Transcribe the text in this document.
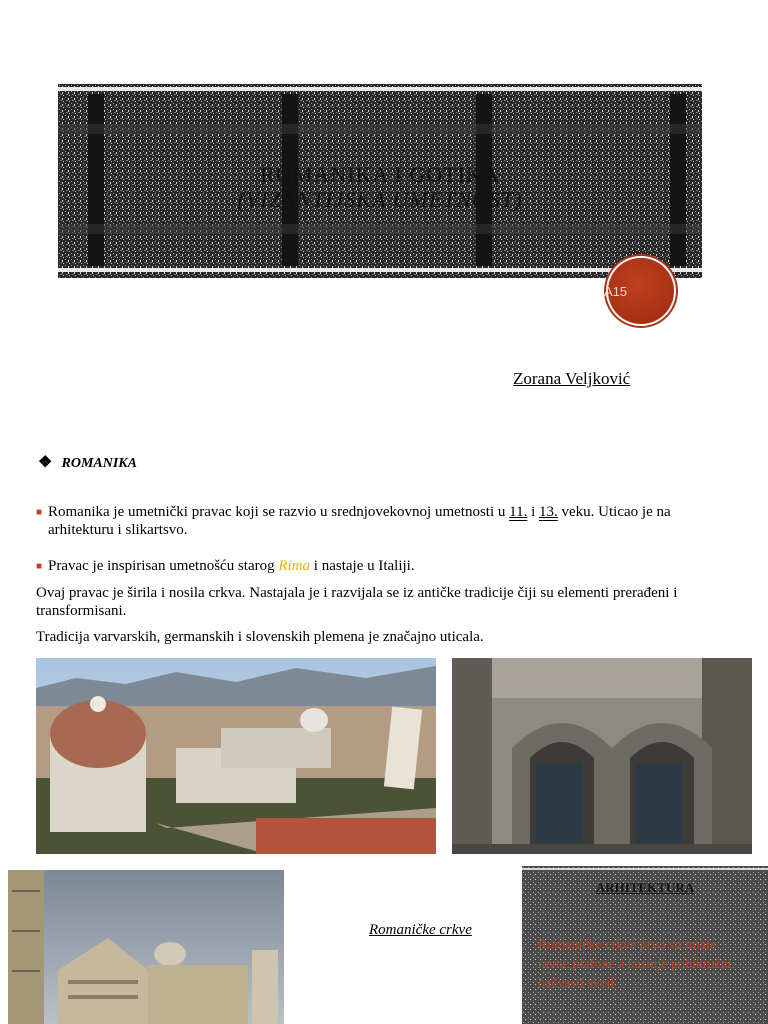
ROMANIKA I GOTIKA
(VIZANTIJSKA UMETNOST)
A15
Zorana Veljković
❖ ROMANIKA
■ Romanika je umetnički pravac koji se razvio u srednjovekovnoj umetnosti u 11. i 13. veku. Uticao je na arhitekturu i slikartsvo.
■ Pravac je inspirisan umetnošću starog Rima i nastaje u Italiji.
Ovaj pravac je širila i nosila crkva. Nastajala je i razvijala se iz antičke tradicije čiji su elementi prerađeni i transformisani.
Tradicija varvarskih, germanskih i slovenskih plemena je značajno uticala.
Romaničke crkve
ARHITEKTURA
Romaničke crkve prvo su imale ravne plafone a kasnije polukružni bačvasti svod
